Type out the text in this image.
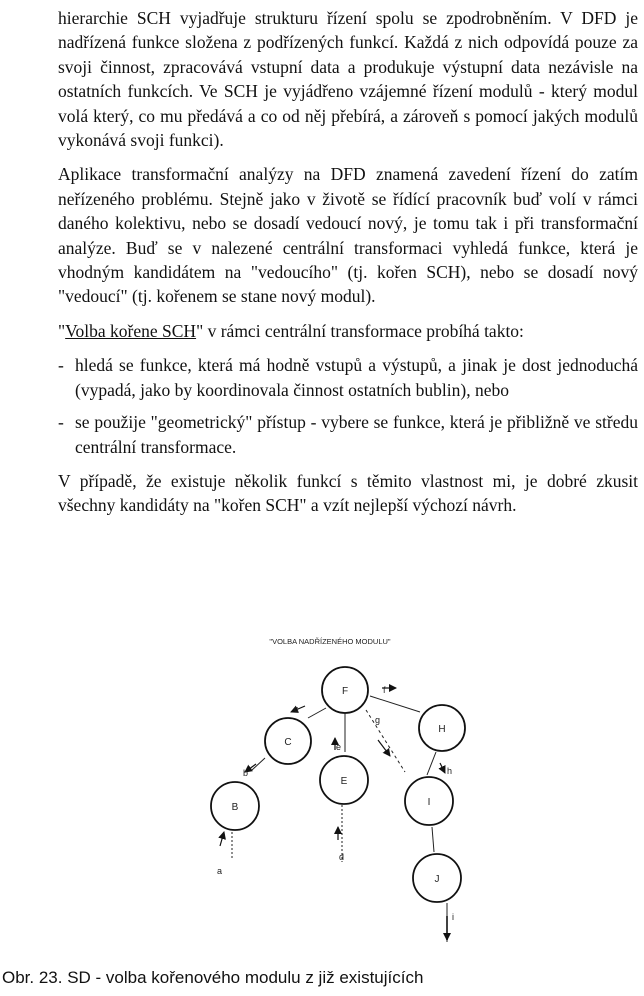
hierarchie SCH vyjadřuje strukturu řízení spolu se zpodrobněním. V DFD je nadřízená funkce složena z podřízených funkcí. Každá z nich odpovídá pouze za svoji činnost, zpracovává vstupní data a produkuje výstupní data nezávisle na ostatních funkcích. Ve SCH je vyjádřeno vzájemné řízení modulů - který modul volá který, co mu předává a co od něj přebírá, a zároveň s pomocí jakých modulů vykonává svoji funkci).

Aplikace transformační analýzy na DFD znamená zavedení řízení do zatím neřízeného problému. Stejně jako v životě se řídící pracovník buď volí v rámci daného kolektivu, nebo se dosadí vedoucí nový, je tomu tak i při transformační analýze. Buď se v nalezené centrální transformaci vyhledá funkce, která je vhodným kandidátem na "vedoucího" (tj. kořen SCH), nebo se dosadí nový "vedoucí" (tj. kořenem se stane nový modul).

"Volba kořene SCH" v rámci centrální transformace probíhá takto:

- hledá se funkce, která má hodně vstupů a výstupů, a jinak je dost jednoduchá (vypadá, jako by koordinovala činnost ostatních bublin), nebo
- se použije "geometrický" přístup - vybere se funkce, která je přibližně ve středu centrální transformace.

V případě, že existuje několik funkcí s těmito vlastnost mi, je dobré zkusit všechny kandidáty na "kořen SCH" a vzít nejlepší výchozí návrh.

"VOLBA NADŘÍZENÉHO MODULU"
F
C
B
E
H
I
J
c
b
e
f
g
h
a
d
i
Obr. 23. SD - volba kořenového modulu z již existujících
